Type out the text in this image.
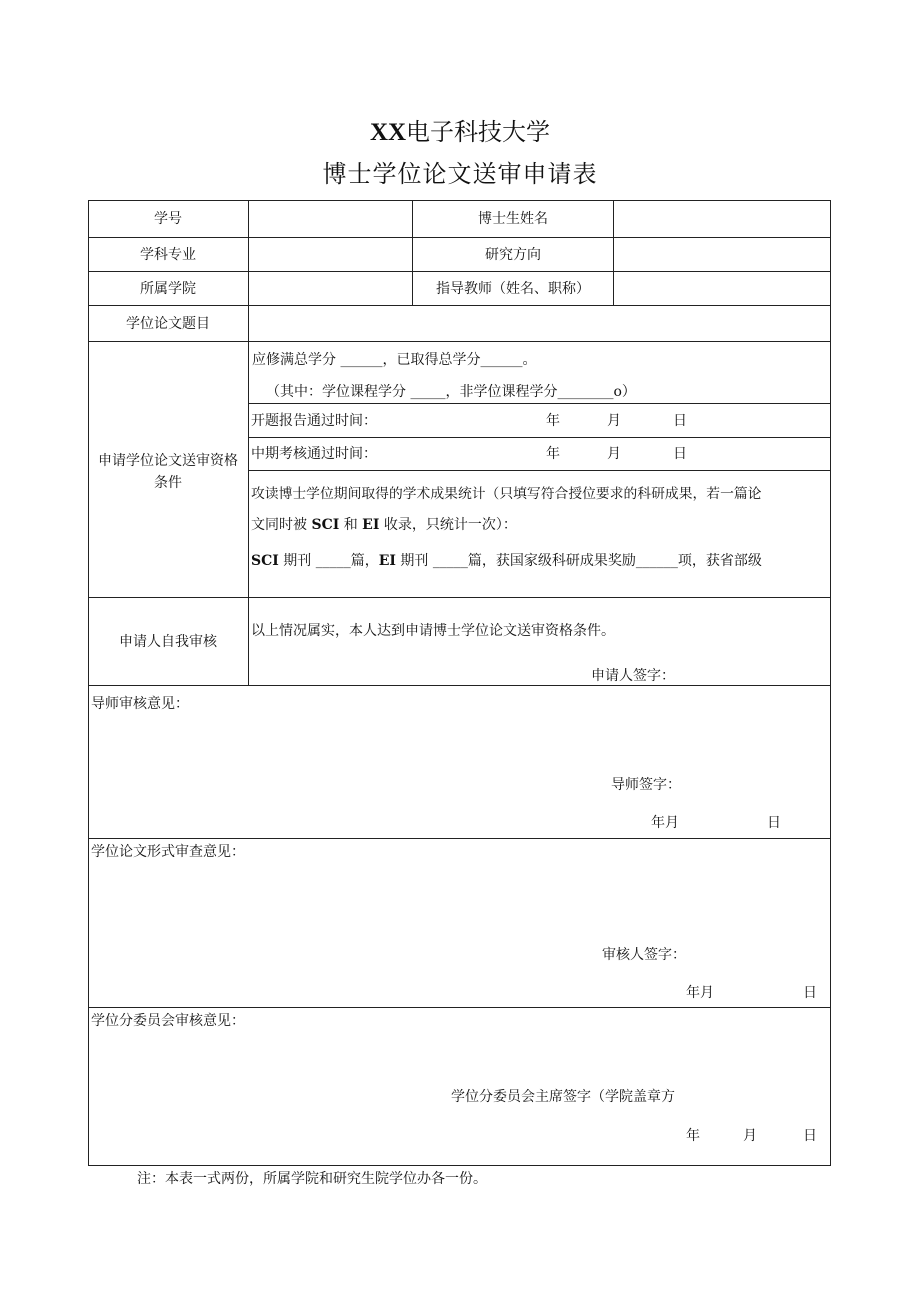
XX电子科技大学
博士学位论文送审申请表
学号	博士生姓名
学科专业	研究方向
所属学院	指导教师（姓名、职称）
学位论文题目
申请学位论文送审资格
条件
应修满总学分 ______，已取得总学分______。
（其中：学位课程学分 _____，非学位课程学分________o）
开题报告通过时间：	年	月	日
中期考核通过时间：	年	月	日
攻读博士学位期间取得的学术成果统计（只填写符合授位要求的科研成果，若一篇论
文同时被 SCI 和 EI 收录，只统计一次）：
SCI 期刊 _____篇，EI 期刊 _____篇，获国家级科研成果奖励______项，获省部级
申请人自我审核
以上情况属实，本人达到申请博士学位论文送审资格条件。
申请人签字：
导师审核意见：
导师签字：
年月	日
学位论文形式审查意见：
审核人签字：
年月	日
学位分委员会审核意见：
学位分委员会主席签字（学院盖章方
年	月	日
注：本表一式两份，所属学院和研究生院学位办各一份。
